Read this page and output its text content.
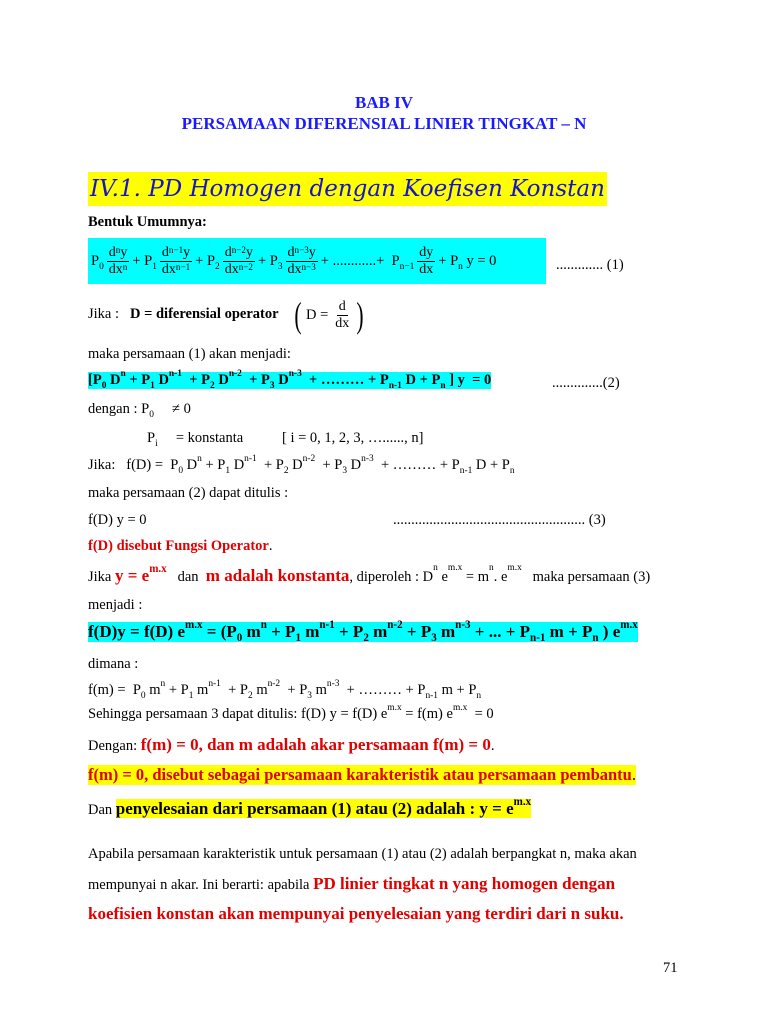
BAB IV
PERSAMAAN DIFERENSIAL LINIER TINGKAT – N
IV.1. PD Homogen dengan Koefisen Konstan
Bentuk Umumnya:
$P_0 \frac{d^ny}{dx^n} + P_1 \frac{d^{n-1}y}{dx^{n-1}} + P_2 \frac{d^{n-2}y}{dx^{n-2}} + P_3 \frac{d^{n-3}y}{dx^{n-3}}$ + ............+  $P_{n-1} \frac{dy}{dx} + P_n$ y = 0	............. (1)
Jika : D = diferensial operator ( $D = \frac{d}{dx}$ )
maka persamaan (1) akan menjadi:
[$P_0$ $D^n + P_1$ $D^{n-1} + P_2$ $D^{n-2} + P_3$ $D^{n-3}$  + ……… + $P_{n-1}$ $D + P_n$ ] y  = 0	..............(2)
dengan : $P_0 \ne 0$
$P_i$ = konstanta	[ i = 0, 1, 2, 3, …......, n]
Jika:   $f(D) = P_0$ $D^n + P_1$ $D^{n-1} + P_2$ $D^{n-2} + P_3$ $D^{n-3}$  + ……… + $P_{n-1}$ $D + P_n$
maka persamaan (2) dapat ditulis :
f(D) y = 0	..................................................... (3)
f(D) disebut Fungsi Operator.
Jika $y = e^{m.x}$ dan m adalah konstanta, diperoleh : $D^n$ $e^{m.x} = m^n$. $e^{m.x}$   maka persamaan (3)
menjadi :
f(D)y = f(D) $e^{m.x} = (P_0$ $m^n + P_1$ $m^{n-1} + P_2$ $m^{n-2} + P_3$ $m^{n-3}$ + ... + $P_{n-1}$ $m + P_n$ ) $e^{m.x}$
dimana :
$f(m) = P_0$ $m^n + P_1$ $m^{n-1} + P_2$ $m^{n-2} + P_3$ $m^{n-3}$  + ……… + $P_{n-1}$ $m + P_n$
Sehingga persamaan 3 dapat ditulis: f(D) y = f(D) $e^{m.x} = f(m) e^{m.x} = 0$
Dengan: f(m) = 0, dan m adalah akar persamaan f(m) = 0.
f(m) = 0, disebut sebagai persamaan karakteristik atau persamaan pembantu.
Dan penyelesaian dari persamaan (1) atau (2) adalah : $y = e^{m.x}$
Apabila persamaan karakteristik untuk persamaan (1) atau (2) adalah berpangkat n, maka akan
mempunyai n akar. Ini berarti: apabila PD linier tingkat n yang homogen dengan
koefisien konstan akan mempunyai penyelesaian yang terdiri dari n suku.
71
